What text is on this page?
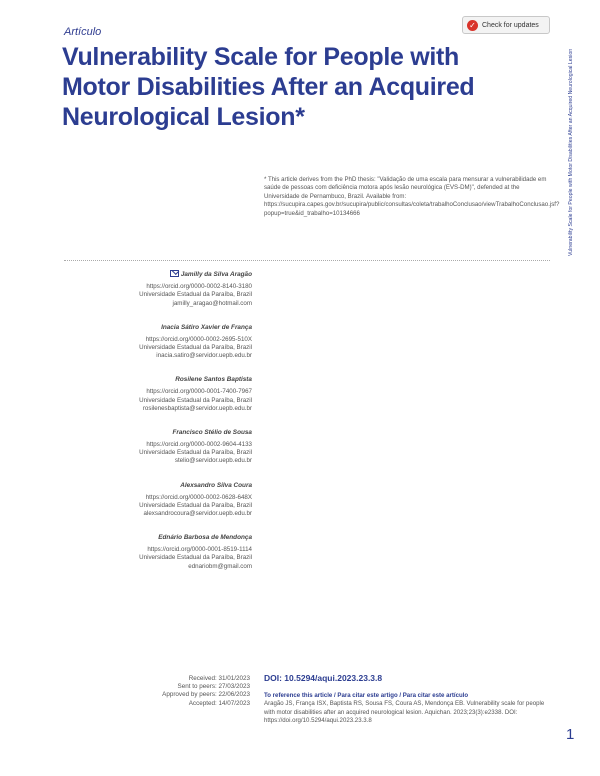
Artículo
Vulnerability Scale for People with Motor Disabilities After an Acquired Neurological Lesion*
✓ Check for updates
Vulnerability Scale for People with Motor Disabilities After an Acquired Neurological Lesion
* This article derives from the PhD thesis: "Validação de uma escala para mensurar a vulnerabilidade em saúde de pessoas com deficiência motora após lesão neurológica (EVS-DM)", defended at the Universidade de Pernambuco, Brazil. Available from: https://sucupira.capes.gov.br/sucupira/public/consultas/coleta/trabalhoConclusao/viewTrabalhoConclusao.jsf?popup=true&id_trabalho=10134666
Jamilly da Silva Aragão
https://orcid.org/0000-0002-8140-3180
Universidade Estadual da Paraíba, Brazil
jamilly_aragao@hotmail.com
Inacia Sátiro Xavier de França
https://orcid.org/0000-0002-2695-510X
Universidade Estadual da Paraíba, Brazil
inacia.satiro@servidor.uepb.edu.br
Rosilene Santos Baptista
https://orcid.org/0000-0001-7400-7967
Universidade Estadual da Paraíba, Brazil
rosilenesbaptista@servidor.uepb.edu.br
Francisco Stélio de Sousa
https://orcid.org/0000-0002-9604-4133
Universidade Estadual da Paraíba, Brazil
stelio@servidor.uepb.edu.br
Alexsandro Silva Coura
https://orcid.org/0000-0002-0628-648X
Universidade Estadual da Paraíba, Brazil
alexsandrocoura@servidor.uepb.edu.br
Ednário Barbosa de Mendonça
https://orcid.org/0000-0001-8519-1114
Universidade Estadual da Paraíba, Brazil
ednariobm@gmail.com
Received: 31/01/2023
Sent to peers: 27/03/2023
Approved by peers: 22/06/2023
Accepted: 14/07/2023
DOI: 10.5294/aqui.2023.23.3.8
To reference this article / Para citar este artigo / Para citar este artículo
Aragão JS, França ISX, Baptista RS, Sousa FS, Coura AS, Mendonça EB. Vulnerability scale for people with motor disabilities after an acquired neurological lesion. Aquichan. 2023;23(3):e2338. DOI: https://doi.org/10.5294/aqui.2023.23.3.8
1
